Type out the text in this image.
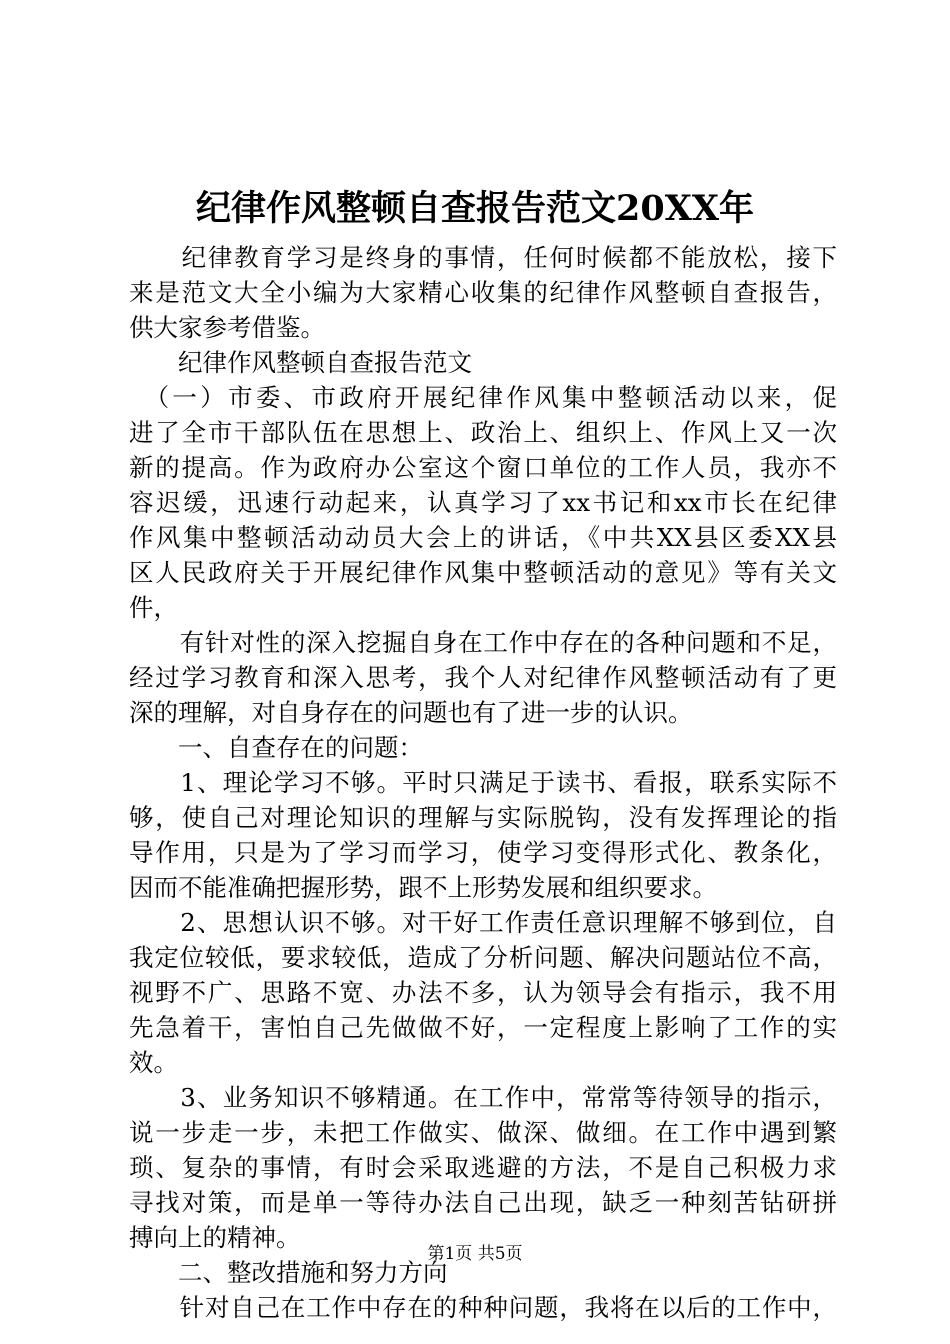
纪律作风整顿自查报告范文20XX年

　　纪律教育学习是终身的事情，任何时候都不能放松，接下

来是范文大全小编为大家精心收集的纪律作风整顿自查报告，

供大家参考借鉴。

　　纪律作风整顿自查报告范文

　（一）市委、市政府开展纪律作风集中整顿活动以来，促

进了全市干部队伍在思想上、政治上、组织上、作风上又一次

新的提高。作为政府办公室这个窗口单位的工作人员，我亦不

容迟缓，迅速行动起来，认真学习了xx书记和xx市长在纪律

作风集中整顿活动动员大会上的讲话，《中共XX县区委XX县

区人民政府关于开展纪律作风集中整顿活动的意见》等有关文

件，

　　有针对性的深入挖掘自身在工作中存在的各种问题和不足，

经过学习教育和深入思考，我个人对纪律作风整顿活动有了更

深的理解，对自身存在的问题也有了进一步的认识。

　　一、自查存在的问题：

　　1、理论学习不够。平时只满足于读书、看报，联系实际不

够，使自己对理论知识的理解与实际脱钩，没有发挥理论的指

导作用，只是为了学习而学习，使学习变得形式化、教条化，

因而不能准确把握形势，跟不上形势发展和组织要求。

　　2、思想认识不够。对干好工作责任意识理解不够到位，自

我定位较低，要求较低，造成了分析问题、解决问题站位不高，

视野不广、思路不宽、办法不多，认为领导会有指示，我不用

先急着干，害怕自己先做做不好，一定程度上影响了工作的实

效。

　　3、业务知识不够精通。在工作中，常常等待领导的指示，

说一步走一步，未把工作做实、做深、做细。在工作中遇到繁

琐、复杂的事情，有时会采取逃避的方法，不是自己积极力求

寻找对策，而是单一等待办法自己出现，缺乏一种刻苦钻研拼

搏向上的精神。

　　二、整改措施和努力方向

　　针对自己在工作中存在的种种问题，我将在以后的工作中，

第1页 共5页
